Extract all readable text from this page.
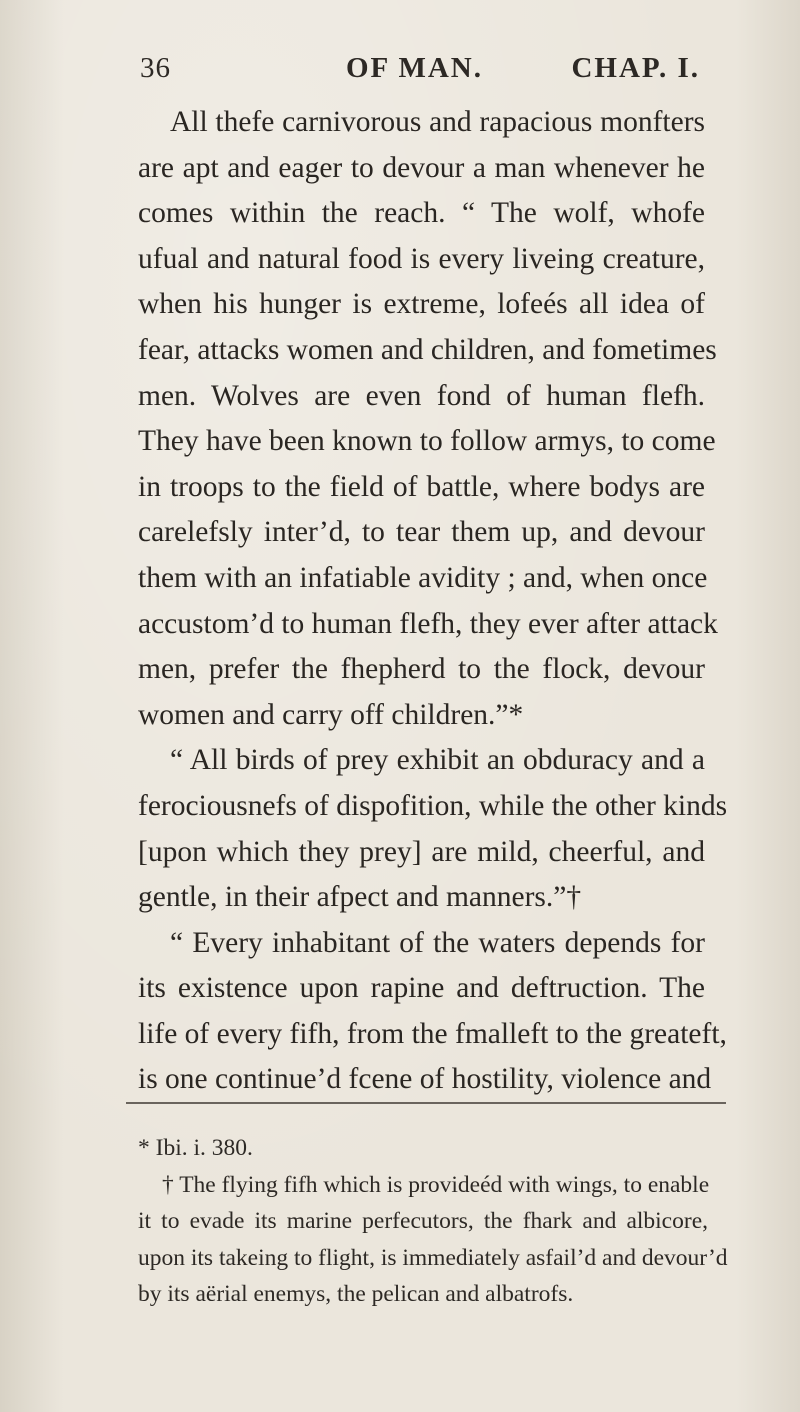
36	OF MAN.	CHAP. I.
All thefe carnivorous and rapacious monfters
are apt and eager to devour a man whenever he
comes within the reach. “ The wolf, whofe
ufual and natural food is every liveing creature,
when his hunger is extreme, lofeés all idea of
fear, attacks women and children, and fometimes
men. Wolves are even fond of human flefh.
They have been known to follow armys, to come
in troops to the field of battle, where bodys are
carelefsly inter’d, to tear them up, and devour
them with an infatiable avidity ; and, when once
accustom’d to human flefh, they ever after attack
men, prefer the fhepherd to the flock, devour
women and carry off children.”*
“ All birds of prey exhibit an obduracy and a
ferociousnefs of dispofition, while the other kinds
[upon which they prey] are mild, cheerful, and
gentle, in their afpect and manners.”†
“ Every inhabitant of the waters depends for
its existence upon rapine and deftruction. The
life of every fifh, from the fmalleft to the greateft,
is one continue’d fcene of hostility, violence and
* Ibi. i. 380.
† The flying fifh which is provideéd with wings, to enable
it to evade its marine perfecutors, the fhark and albicore,
upon its takeing to flight, is immediately asfail’d and devour’d
by its aërial enemys, the pelican and albatrofs.
